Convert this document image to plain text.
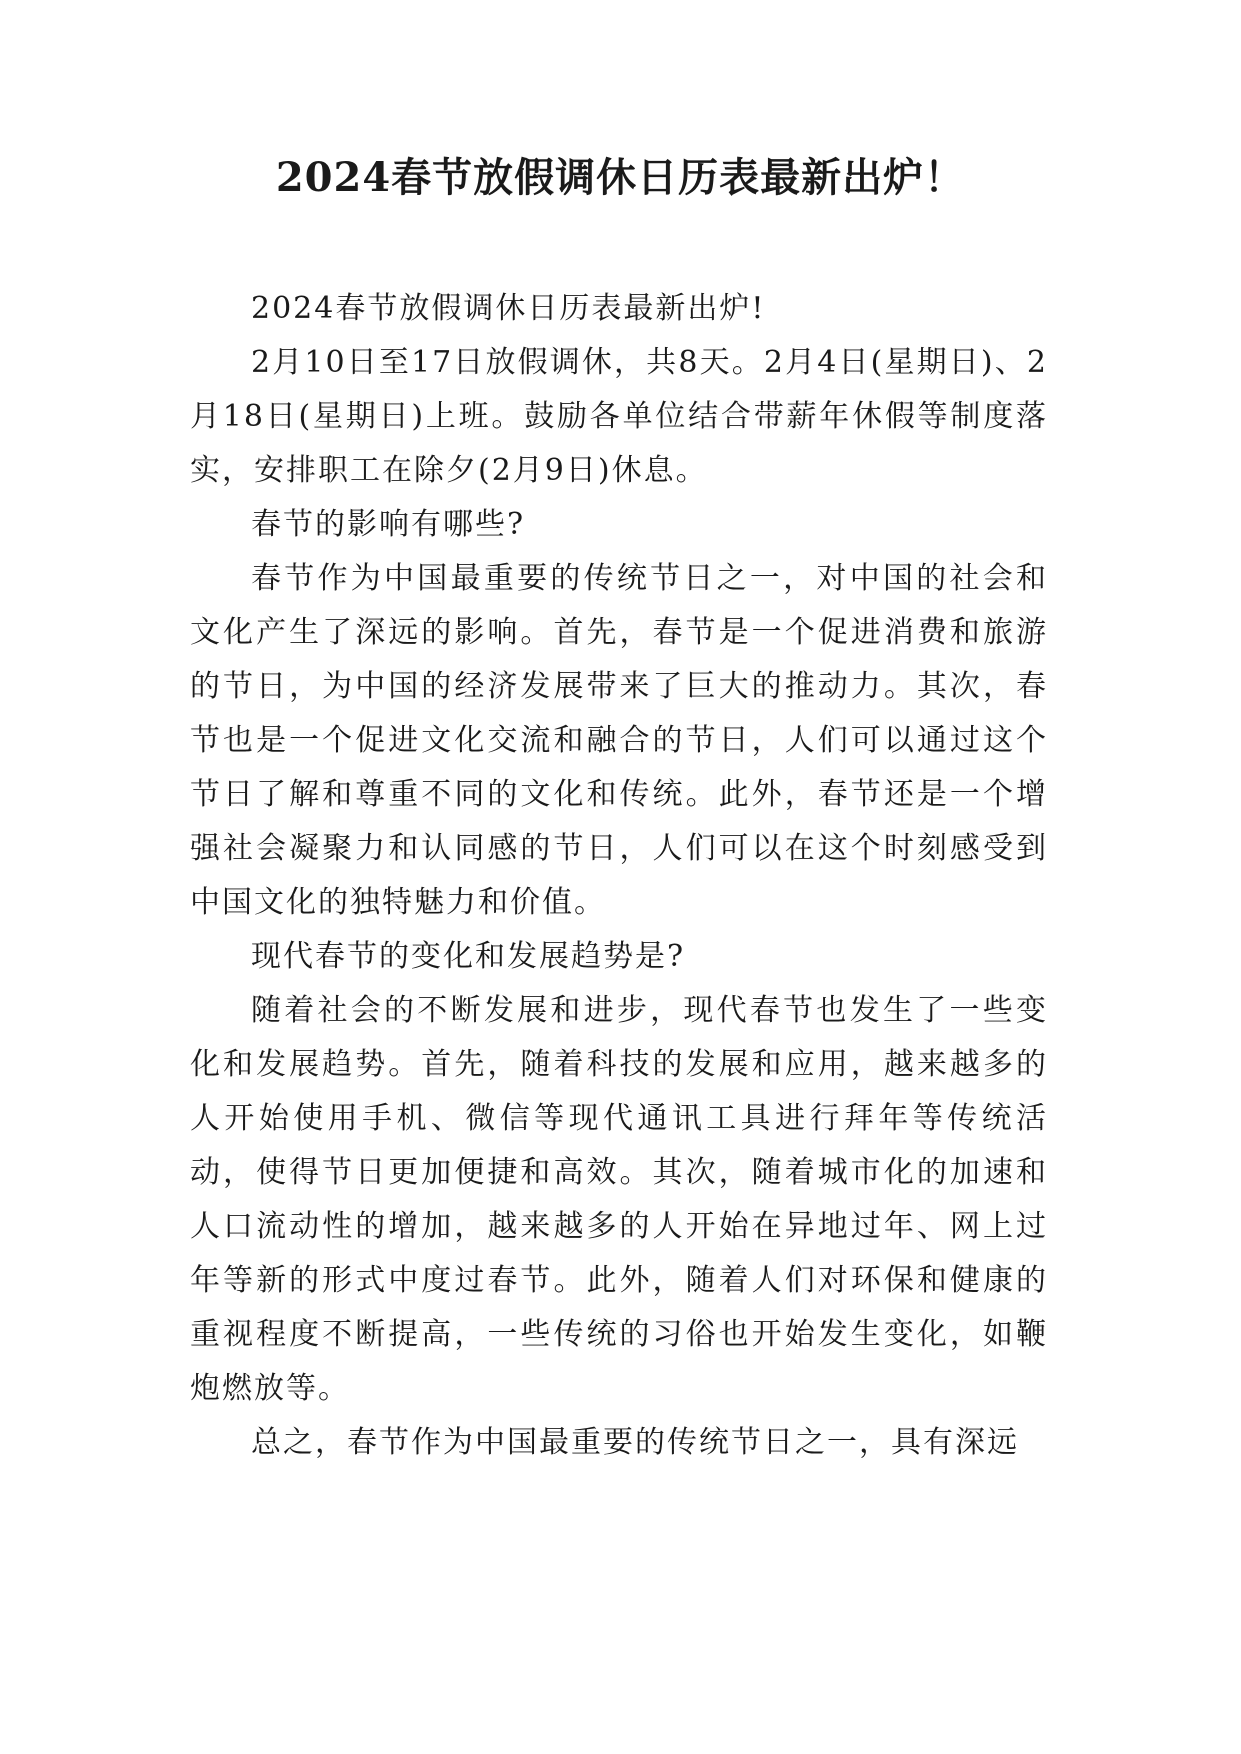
2024春节放假调休日历表最新出炉！

2024春节放假调休日历表最新出炉!

2月10日至17日放假调休，共8天。2月4日(星期日)、2月18日(星期日)上班。鼓励各单位结合带薪年休假等制度落实，安排职工在除夕(2月9日)休息。

春节的影响有哪些?

春节作为中国最重要的传统节日之一，对中国的社会和文化产生了深远的影响。首先，春节是一个促进消费和旅游的节日，为中国的经济发展带来了巨大的推动力。其次，春节也是一个促进文化交流和融合的节日，人们可以通过这个节日了解和尊重不同的文化和传统。此外，春节还是一个增强社会凝聚力和认同感的节日，人们可以在这个时刻感受到中国文化的独特魅力和价值。

现代春节的变化和发展趋势是?

随着社会的不断发展和进步，现代春节也发生了一些变化和发展趋势。首先，随着科技的发展和应用，越来越多的人开始使用手机、微信等现代通讯工具进行拜年等传统活动，使得节日更加便捷和高效。其次，随着城市化的加速和人口流动性的增加，越来越多的人开始在异地过年、网上过年等新的形式中度过春节。此外，随着人们对环保和健康的重视程度不断提高，一些传统的习俗也开始发生变化，如鞭炮燃放等。

总之，春节作为中国最重要的传统节日之一，具有深远
